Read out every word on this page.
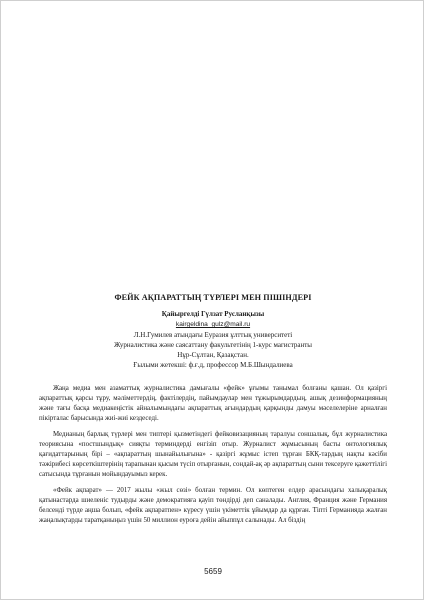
ФЕЙК АҚПАРАТТЫҢ ТҮРЛЕРІ МЕН ПІШІНДЕРІ
Қайыргелді Гүлзат Русланқызы
kairgeldina_gulz@mail.ru
Л.Н.Гумилев атындағы Еуразия ұлттық университеті
Журналистика және саясаттану факультетінің 1-курс магистранты
Нұр-Сұлтан, Қазақстан.
Ғылыми жетекші: ф.ғ.д, профессор М.Б.Шындалиева

Жаңа медиа мен азаматтық журналистика дамығалы «фейк» ұғымы танымал болғаны қашан. Ол қазіргі ақпараттық қарсы тұру, мәліметтердің, фактілердің, пайымдаулар мен тұжырымдардың, ашық дезинформацияның және тағы басқа медиакеңістік айналымындағы ақпараттық ағындардың қарқынды дамуы мәселелеріне арналған пікірталас барысында жиі-жиі кездеседі.

Медианың барлық түрлері мен типтері қызметіндегі фейковизацияның таралуы соншалық, бұл журналистика теориясына «постшындық» сияқты терминдерді енгізіп отыр. Журналист жұмысының басты онтологиялық қағидаттарының бірі – «ақпараттың шынайылығына» - қазіргі жұмыс істеп тұрған БКҚ-тардың нақты кәсіби тәжірибесі көрсеткіштерінің тарапынан қысым түсіп отырғанын, сондай-ақ әр ақпараттың сыни тексеруге қажеттілігі сатысында тұрғанын мойындауымыз керек.

«Фейк ақпарат» — 2017 жылы «жыл сөзі» болған термин. Ол көптеген елдер арасындағы халықаралық қатынастарда шиеленіс тудырды және демократияға қауіп төндірді деп саналады. Англия, Франция және Германия белсенді түрде аңша болып, «фейк ақпаратпен» күресу үшін үкіметтік ұйымдар да құрған. Тіпті Германияда жалған жаңалықтарды таратқаныңыз үшін 50 миллион еуроға дейін айыппұл салынады. Ал біздің

5659
